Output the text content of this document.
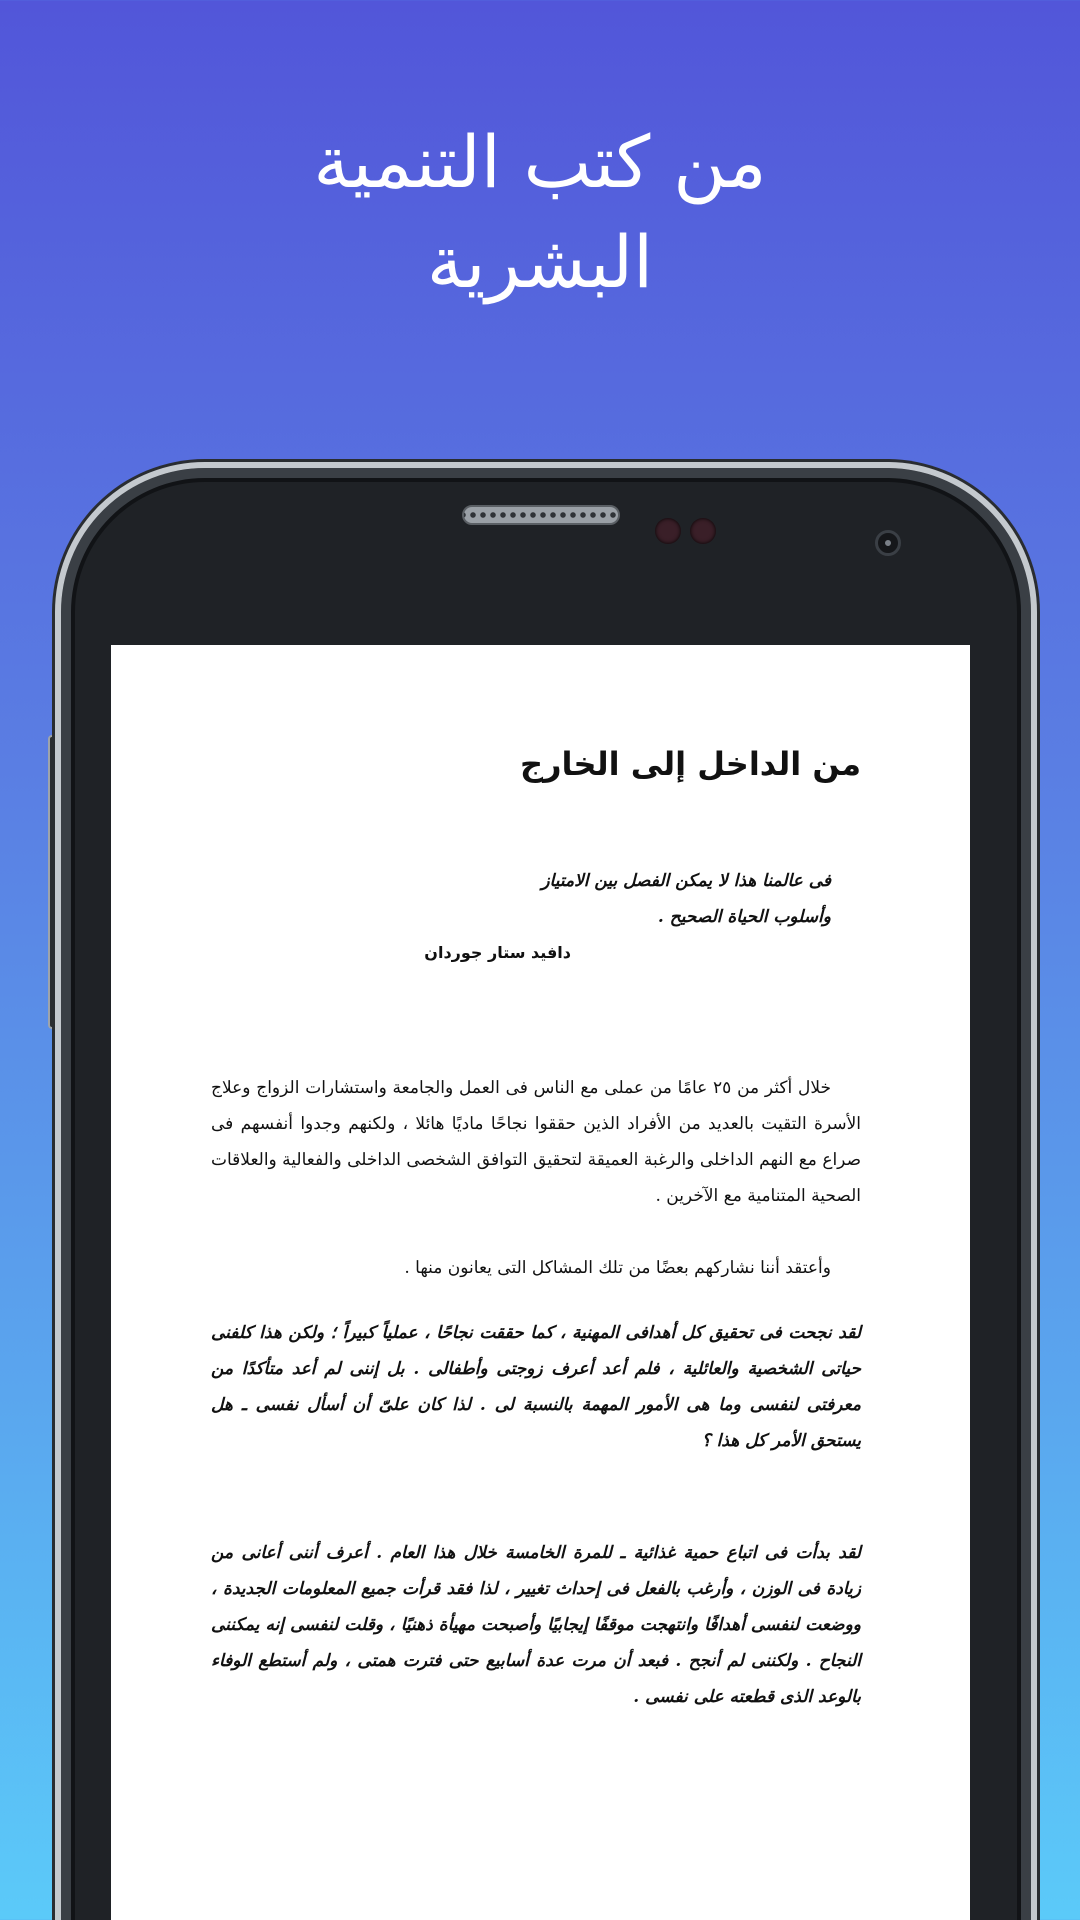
من كتب التنمية
البشرية
من الداخل إلى الخارج
فى عالمنا هذا لا يمكن الفصل بين الامتياز
وأسلوب الحياة الصحيح .
دافيد ستار جوردان

خلال أكثر من ٢٥ عامًا من عملى مع الناس فى العمل والجامعة واستشارات الزواج وعلاج الأسرة التقيت بالعديد من الأفراد الذين حققوا نجاحًا ماديًا هائلا ، ولكنهم وجدوا أنفسهم فى صراع مع النهم الداخلى والرغبة العميقة لتحقيق التوافق الشخصى الداخلى والفعالية والعلاقات الصحية المتنامية مع الآخرين .

وأعتقد أننا نشاركهم بعضًا من تلك المشاكل التى يعانون منها .

لقد نجحت فى تحقيق كل أهدافى المهنية ، كما حققت نجاحًا ، عملياً كبيراً ؛ ولكن هذا كلفنى حياتى الشخصية والعائلية ، فلم أعد أعرف زوجتى وأطفالى . بل إننى لم أعد متأكدًا من معرفتى لنفسى وما هى الأمور المهمة بالنسبة لى . لذا كان علىّ أن أسأل نفسى ـ هل يستحق الأمر كل هذا ؟

لقد بدأت فى اتباع حمية غذائية ـ للمرة الخامسة خلال هذا العام . أعرف أننى أعانى من زيادة فى الوزن ، وأرغب بالفعل فى إحداث تغيير ، لذا فقد قرأت جميع المعلومات الجديدة ، ووضعت لنفسى أهدافًا وانتهجت موقفًا إيجابيًا وأصبحت مهيأة ذهنيًا ، وقلت لنفسى إنه يمكننى النجاح . ولكننى لم أنجح . فبعد أن مرت عدة أسابيع حتى فترت همتى ، ولم أستطع الوفاء بالوعد الذى قطعته على نفسى .
